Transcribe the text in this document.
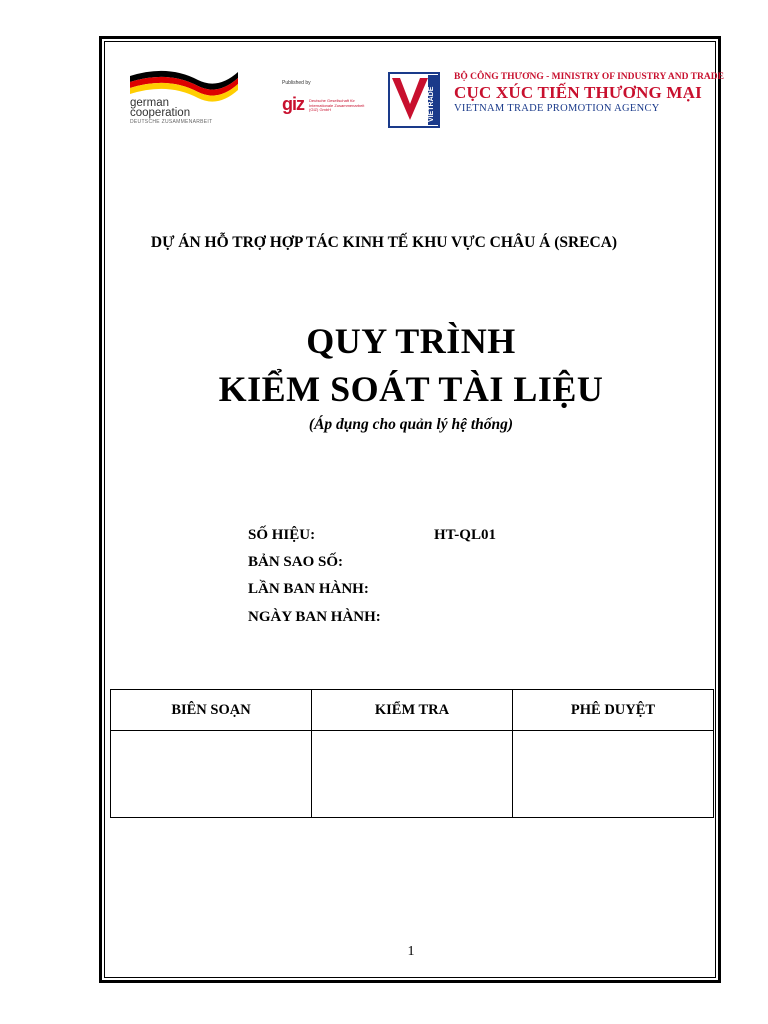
german
cooperation
DEUTSCHE ZUSAMMENARBEIT
Published by
giz Deutsche Gesellschaft für Internationale Zusammenarbeit (GIZ) GmbH	VIETRADE
BỘ CÔNG THƯƠNG - MINISTRY OF INDUSTRY AND TRADE
CỤC XÚC TIẾN THƯƠNG MẠI
VIETNAM TRADE PROMOTION AGENCY
DỰ ÁN HỖ TRỢ HỢP TÁC KINH TẾ KHU VỰC CHÂU Á (SRECA)
QUY TRÌNH
KIỂM SOÁT TÀI LIỆU
(Áp dụng cho quản lý hệ thống)
SỐ HIỆU:	HT-QL01
BẢN SAO SỐ:
LẦN BAN HÀNH:
NGÀY BAN HÀNH:
BIÊN SOẠN	KIỂM TRA	PHÊ DUYỆT

1
